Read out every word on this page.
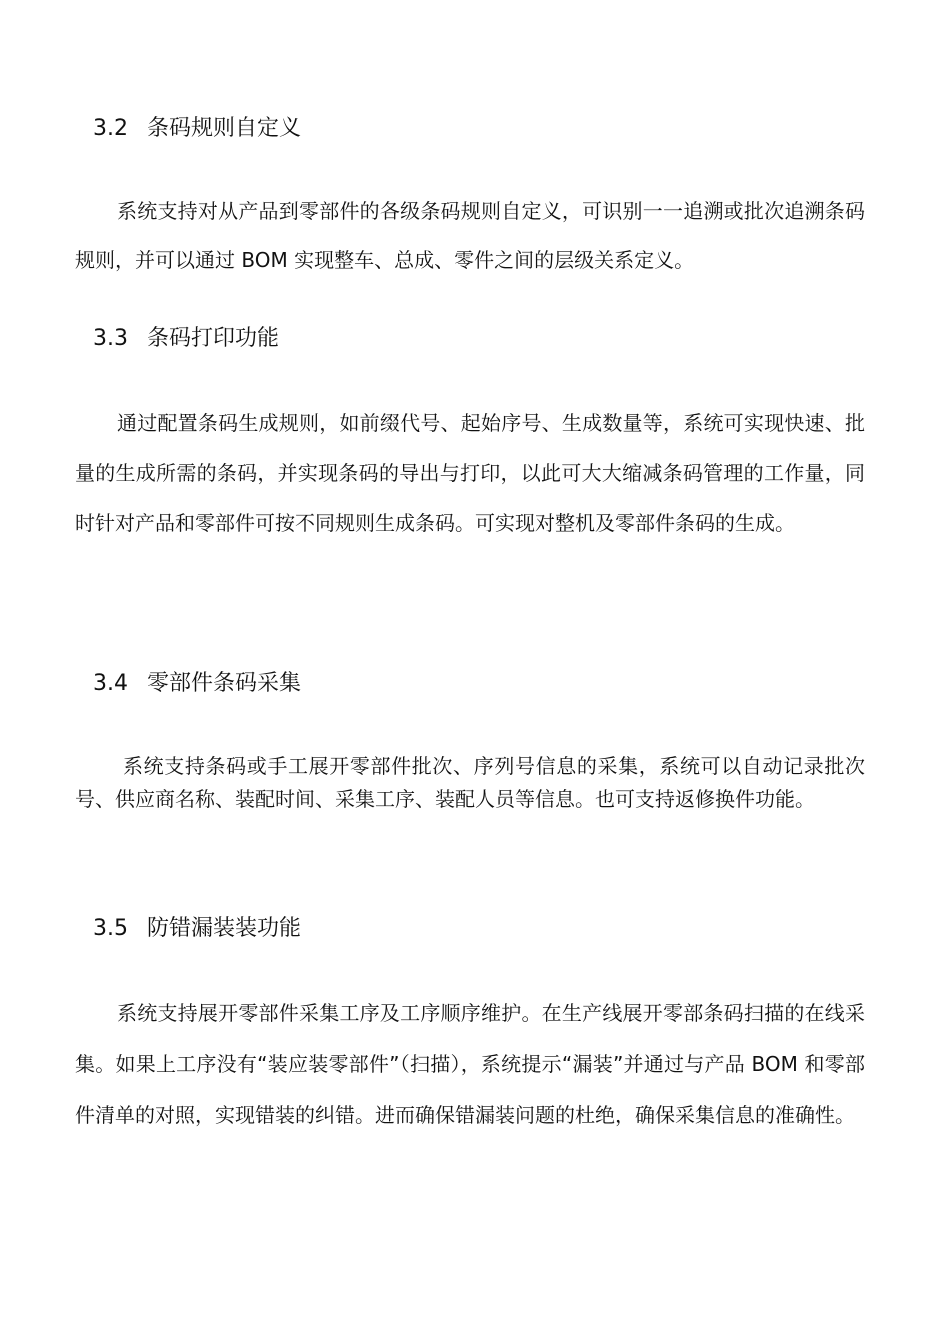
3.2 条码规则自定义

系统支持对从产品到零部件的各级条码规则自定义，可识别一一追溯或批次追溯条码规则，并可以通过 BOM 实现整车、总成、零件之间的层级关系定义。

3.3 条码打印功能

通过配置条码生成规则，如前缀代号、起始序号、生成数量等，系统可实现快速、批量的生成所需的条码，并实现条码的导出与打印，以此可大大缩减条码管理的工作量，同时针对产品和零部件可按不同规则生成条码。可实现对整机及零部件条码的生成。

3.4 零部件条码采集

系统支持条码或手工展开零部件批次、序列号信息的采集，系统可以自动记录批次号、供应商名称、装配时间、采集工序、装配人员等信息。也可支持返修换件功能。

3.5 防错漏装装功能

系统支持展开零部件采集工序及工序顺序维护。在生产线展开零部条码扫描的在线采集。如果上工序没有“装应装零部件”（扫描），系统提示“漏装”并通过与产品 BOM 和零部件清单的对照，实现错装的纠错。进而确保错漏装问题的杜绝，确保采集信息的准确性。
